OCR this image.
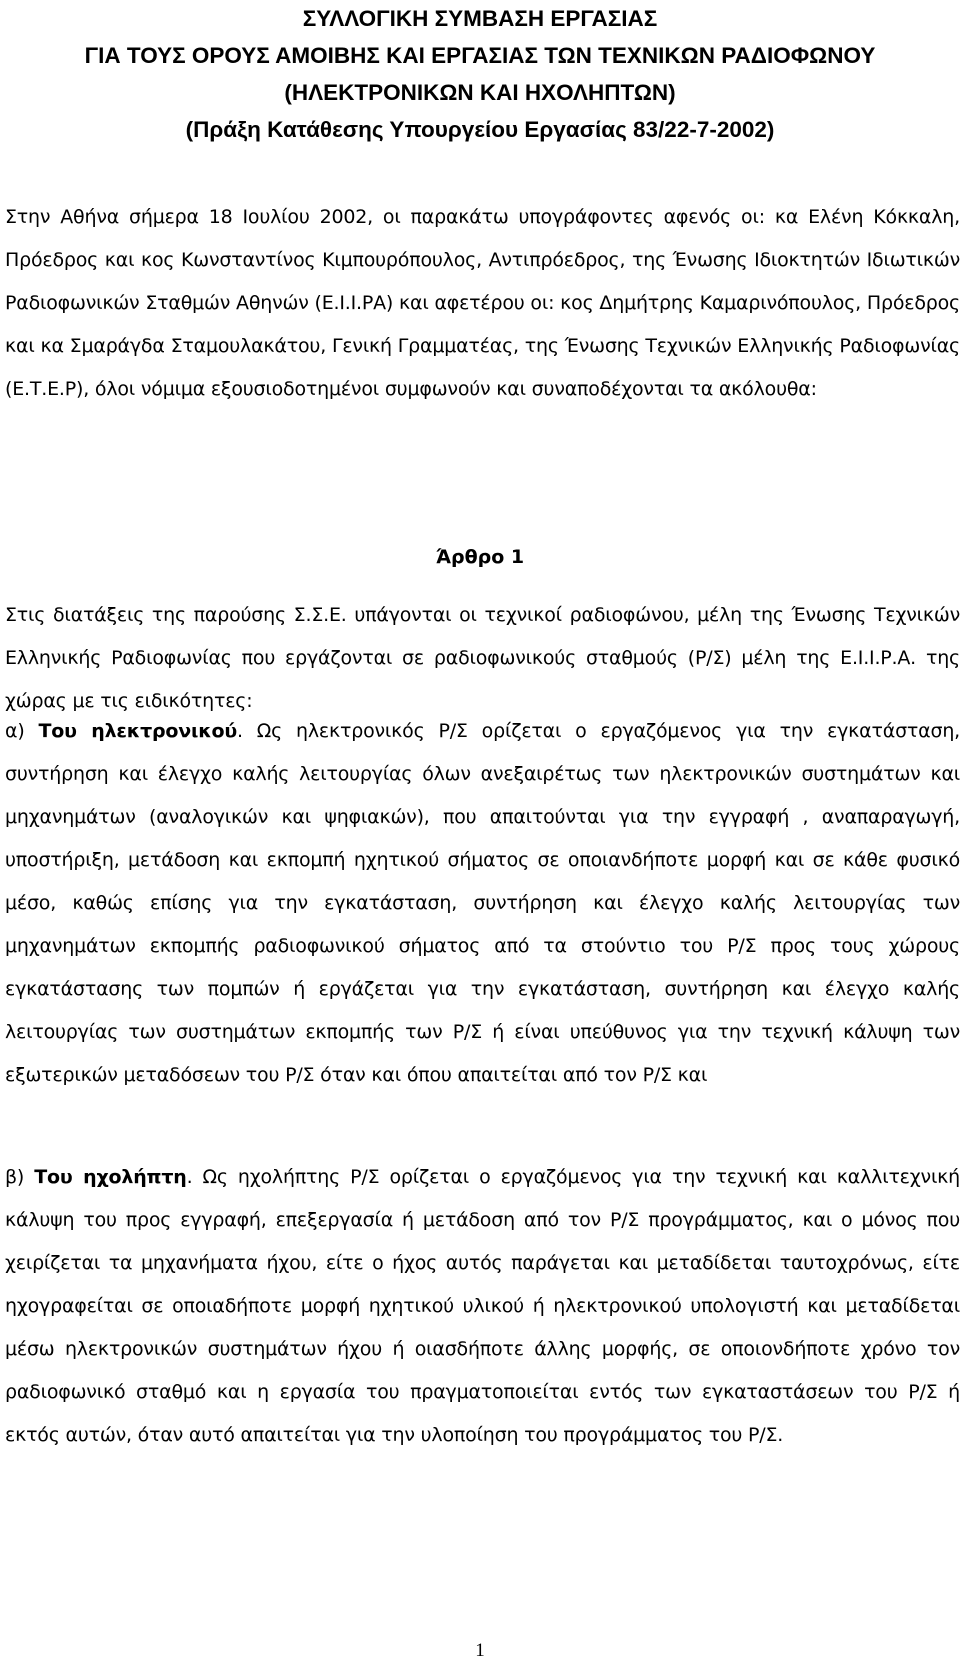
ΣΥΛΛΟΓΙΚΗ ΣΥΜΒΑΣΗ ΕΡΓΑΣΙΑΣ
ΓΙΑ ΤΟΥΣ ΟΡΟΥΣ ΑΜΟΙΒΗΣ ΚΑΙ ΕΡΓΑΣΙΑΣ ΤΩΝ ΤΕΧΝΙΚΩΝ ΡΑΔΙΟΦΩΝΟΥ
(ΗΛΕΚΤΡΟΝΙΚΩΝ ΚΑΙ ΗΧΟΛΗΠΤΩΝ)
(Πράξη Κατάθεσης Υπουργείου Εργασίας 83/22-7-2002)

Στην Αθήνα σήμερα 18 Ιουλίου 2002, οι παρακάτω υπογράφοντες αφενός οι: κα Ελένη Κόκκαλη, Πρόεδρος και κος Κωνσταντίνος Κιμπουρόπουλος, Αντιπρόεδρος, της Ένωσης Ιδιοκτητών Ιδιωτικών Ραδιοφωνικών Σταθμών Αθηνών (Ε.Ι.Ι.ΡΑ) και αφετέρου οι: κος Δημήτρης Καμαρινόπουλος, Πρόεδρος και κα Σμαράγδα Σταμουλακάτου, Γενική Γραμματέας, της Ένωσης Τεχνικών Ελληνικής Ραδιοφωνίας (Ε.Τ.Ε.Ρ), όλοι νόμιμα εξουσιοδοτημένοι συμφωνούν και συναποδέχονται τα ακόλουθα:

Άρθρο 1

Στις διατάξεις της παρούσης Σ.Σ.Ε. υπάγονται οι τεχνικοί ραδιοφώνου, μέλη της Ένωσης Τεχνικών Ελληνικής Ραδιοφωνίας που εργάζονται σε ραδιοφωνικούς σταθμούς (Ρ/Σ) μέλη της Ε.Ι.Ι.Ρ.Α. της χώρας με τις ειδικότητες:

α) Του ηλεκτρονικού. Ως ηλεκτρονικός Ρ/Σ ορίζεται ο εργαζόμενος για την εγκατάσταση, συντήρηση και έλεγχο καλής λειτουργίας όλων ανεξαιρέτως των ηλεκτρονικών συστημάτων και μηχανημάτων (αναλογικών και ψηφιακών), που απαιτούνται για την εγγραφή , αναπαραγωγή, υποστήριξη, μετάδοση και εκπομπή ηχητικού σήματος σε οποιανδήποτε μορφή και σε κάθε φυσικό μέσο, καθώς επίσης για την εγκατάσταση, συντήρηση και έλεγχο καλής λειτουργίας των μηχανημάτων εκπομπής ραδιοφωνικού σήματος από τα στούντιο του Ρ/Σ προς τους χώρους εγκατάστασης των πομπών ή εργάζεται για την εγκατάσταση, συντήρηση και έλεγχο καλής λειτουργίας των συστημάτων εκπομπής των Ρ/Σ ή είναι υπεύθυνος για την τεχνική κάλυψη των εξωτερικών μεταδόσεων του Ρ/Σ όταν και όπου απαιτείται από τον Ρ/Σ και

β) Του ηχολήπτη. Ως ηχολήπτης Ρ/Σ ορίζεται ο εργαζόμενος για την τεχνική και καλλιτεχνική κάλυψη του προς εγγραφή, επεξεργασία ή μετάδοση από τον Ρ/Σ προγράμματος, και ο μόνος που χειρίζεται τα μηχανήματα ήχου, είτε ο ήχος αυτός παράγεται και μεταδίδεται ταυτοχρόνως, είτε ηχογραφείται σε οποιαδήποτε μορφή ηχητικού υλικού ή ηλεκτρονικού υπολογιστή και μεταδίδεται μέσω ηλεκτρονικών συστημάτων ήχου ή οιασδήποτε άλλης μορφής, σε οποιονδήποτε χρόνο τον ραδιοφωνικό σταθμό και η εργασία του πραγματοποιείται εντός των εγκαταστάσεων του Ρ/Σ ή εκτός αυτών, όταν αυτό απαιτείται για την υλοποίηση του προγράμματος του Ρ/Σ.

1
